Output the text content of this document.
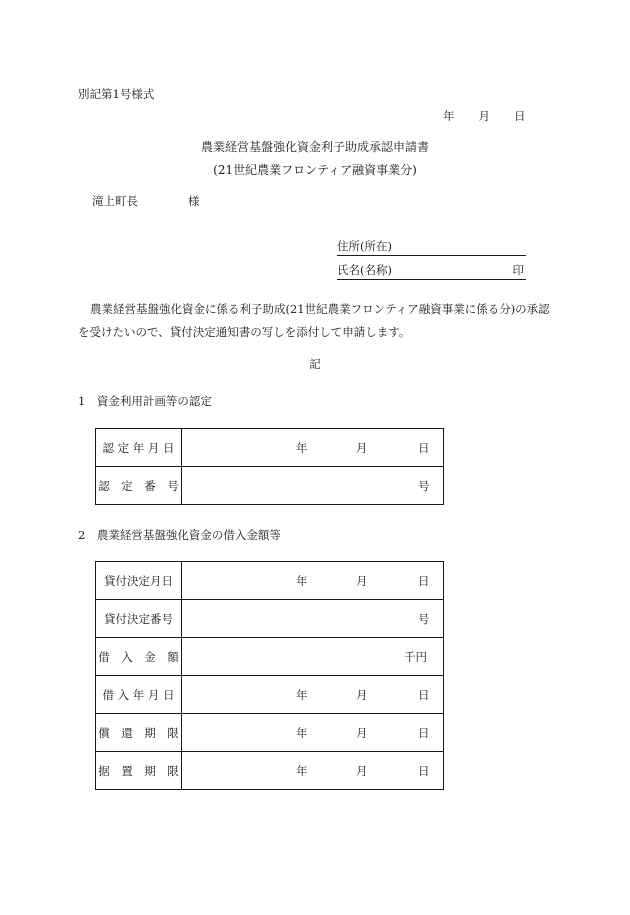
別記第1号様式
年 月 日
農業経営基盤強化資金利子助成承認申請書
(21世紀農業フロンティア融資事業分)
滝上町長	様
住所(所在)
氏名(名称)	印
農業経営基盤強化資金に係る利子助成(21世紀農業フロンティア融資事業に係る分)の承認を受けたいので、貸付決定通知書の写しを添付して申請します。
記
1　資金利用計画等の認定
認 定 年 月 日	年 月 日

認　定　番　号	号
2　農業経営基盤強化資金の借入金額等
貸付決定月日	年 月 日

貸付決定番号	号

借　入　金　額	千円

借 入 年 月 日	年 月 日

償　還　期　限	年 月 日

据　置　期　限	年 月 日
